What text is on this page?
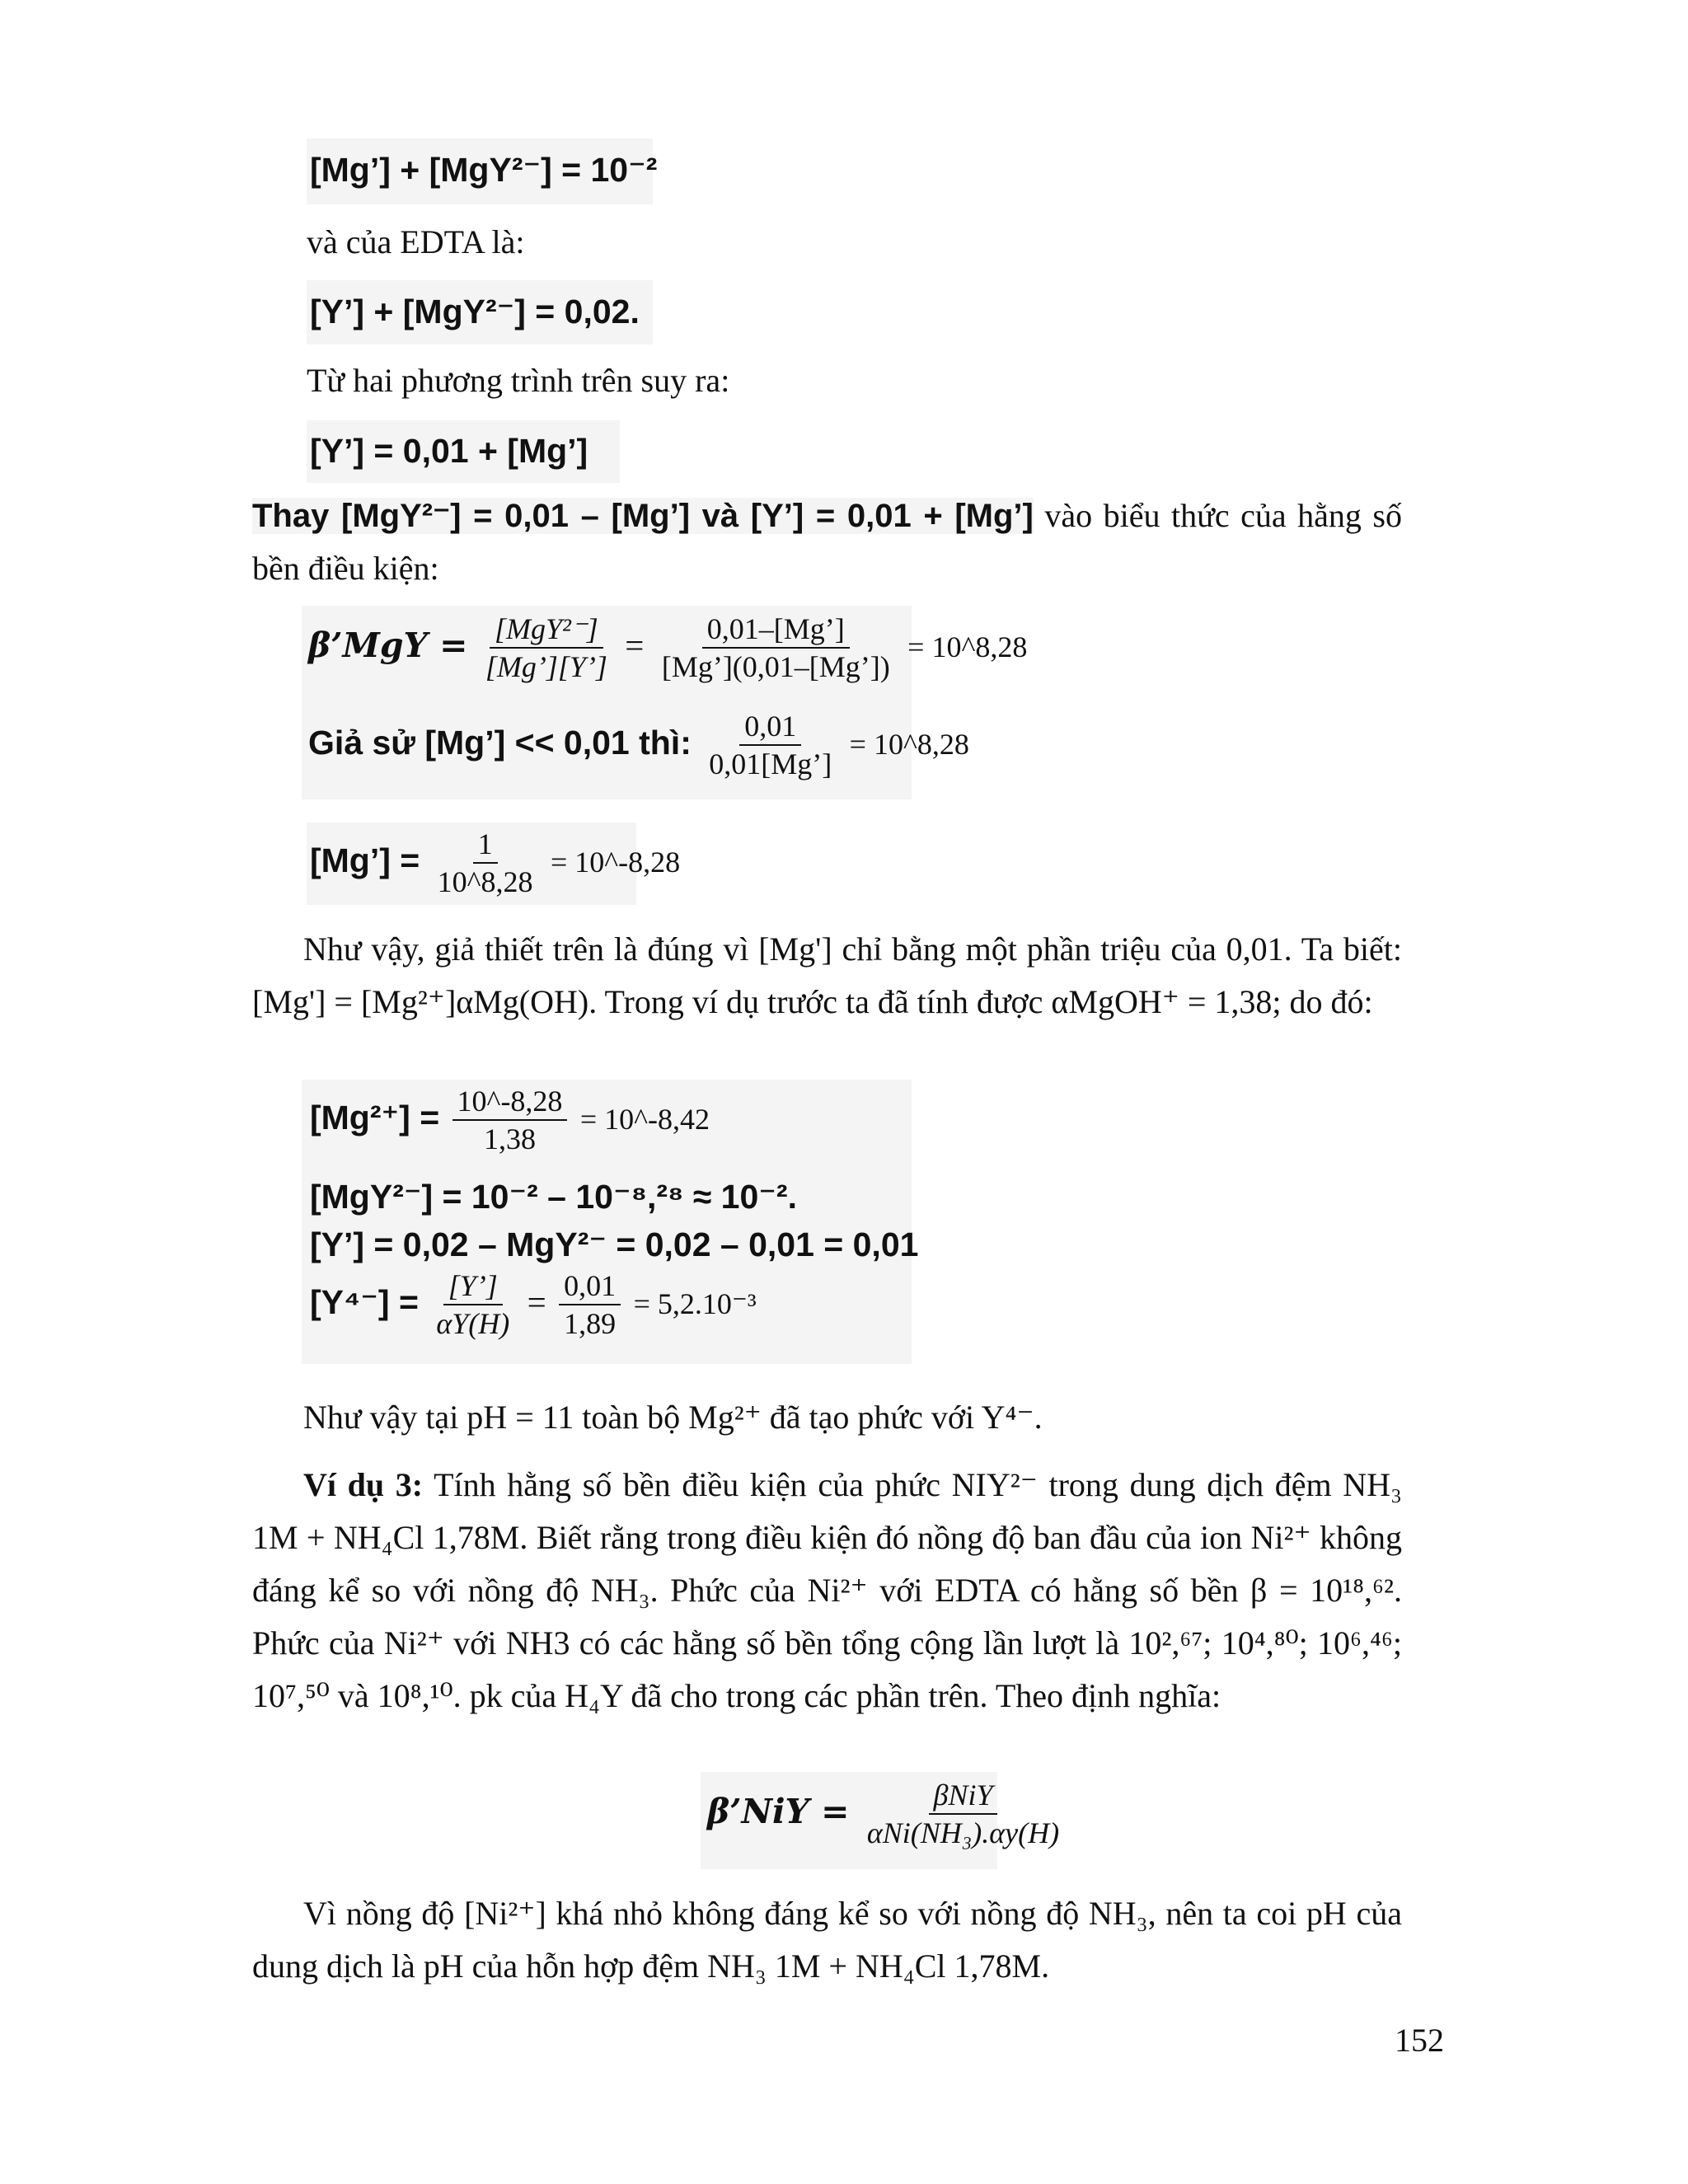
[Mg’] + [MgY²⁻] = 10⁻²

và của EDTA là:

[Y’] + [MgY²⁻] = 0,02.

Từ hai phương trình trên suy ra:

[Y’] = 0,01 + [Mg’]
Thay [MgY²⁻] = 0,01 – [Mg’] và [Y’] = 0,01 + [Mg’] vào biểu thức của hằng số bền điều kiện:
β’MgY = $\frac{\text{[MgY²⁻]}}{[Mg’][Y’]} = \frac{0,01-[Mg’]}{[Mg’](0,01-[Mg’])}$ = 10^8,28
Giả sử [Mg’] << 0,01 thì: $\frac{0,01}{0,01[Mg’]}$ = 10^8,28
[Mg’] = $\frac{1}{10\^{}8,28}$ = 10^-8,28

Như vậy, giả thiết trên là đúng vì [Mg'] chỉ bằng một phần triệu của 0,01. Ta biết: [Mg'] = [Mg²⁺]αMg(OH). Trong ví dụ trước ta đã tính được αMgOH⁺ = 1,38; do đó:

$[Mg^{2+}] = \frac{10\^{}-8,28}{1,38}$ = 10^-8,42
[MgY²⁻] = 10⁻² – 10⁻⁸,²⁸ ≈ 10⁻².
[Y’] = 0,02 – MgY²⁻ = 0,02 – 0,01 = 0,01
$[Y^{4-}] = \frac{[Y’]}{\alpha Y(H)} = \frac{0,01}{1,89} = 5,2.10^{-3}$

Như vậy tại pH = 11 toàn bộ Mg²⁺ đã tạo phức với Y⁴⁻.

Ví dụ 3: Tính hằng số bền điều kiện của phức NIY²⁻ trong dung dịch đệm NH₃ 1M + NH₄Cl 1,78M. Biết rằng trong điều kiện đó nồng độ ban đầu của ion Ni²⁺ không đáng kể so với nồng độ NH₃. Phức của Ni²⁺ với EDTA có hằng số bền β = 10¹⁸,⁶². Phức của Ni²⁺ với NH3 có các hằng số bền tổng cộng lần lượt là 10²,⁶⁷; 10⁴,⁸⁰; 10⁶,⁴⁶; 10⁷,⁵⁰ và 10⁸,¹⁰. pk của H₄Y đã cho trong các phần trên. Theo định nghĩa:

β’NiY = $\frac{\text{βNiY}}{\text{αNi(NH₃).αy(H)}}$

Vì nồng độ [Ni²⁺] khá nhỏ không đáng kể so với nồng độ NH₃, nên ta coi pH của dung dịch là pH của hỗn hợp đệm NH₃ 1M + NH₄Cl 1,78M.

152
